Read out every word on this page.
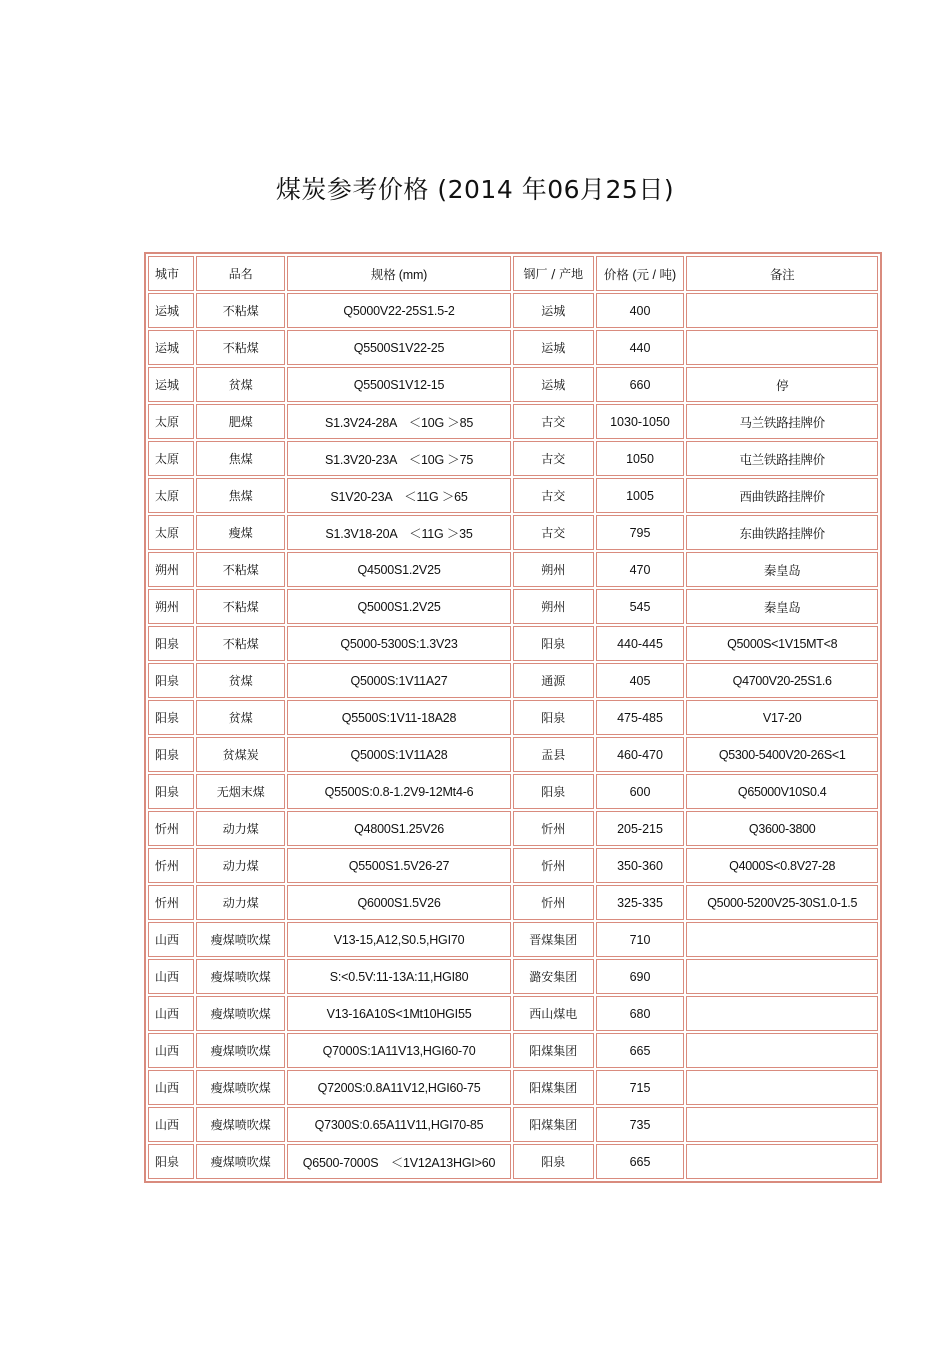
煤炭参考价格 (2014 年06月25日)
城市	品名	规格 (mm)	钢厂 / 产地	价格 (元 / 吨)	备注
运城	不粘煤	Q5000V22-25S1.5-2	运城	400	
运城	不粘煤	Q5500S1V22-25	运城	440	
运城	贫煤	Q5500S1V12-15	运城	660	停
太原	肥煤	S1.3V24-28A　＜10G ＞85	古交	1030-1050	马兰铁路挂牌价
太原	焦煤	S1.3V20-23A　＜10G ＞75	古交	1050	屯兰铁路挂牌价
太原	焦煤	S1V20-23A　＜11G ＞65	古交	1005	西曲铁路挂牌价
太原	瘦煤	S1.3V18-20A　＜11G ＞35	古交	795	东曲铁路挂牌价
朔州	不粘煤	Q4500S1.2V25	朔州	470	秦皇岛
朔州	不粘煤	Q5000S1.2V25	朔州	545	秦皇岛
阳泉	不粘煤	Q5000-5300S:1.3V23	阳泉	440-445	Q5000S<1V15MT<8
阳泉	贫煤	Q5000S:1V11A27	通源	405	Q4700V20-25S1.6
阳泉	贫煤	Q5500S:1V11-18A28	阳泉	475-485	V17-20
阳泉	贫煤炭	Q5000S:1V11A28	盂县	460-470	Q5300-5400V20-26S<1
阳泉	无烟末煤	Q5500S:0.8-1.2V9-12Mt4-6	阳泉	600	Q65000V10S0.4
忻州	动力煤	Q4800S1.25V26	忻州	205-215	Q3600-3800
忻州	动力煤	Q5500S1.5V26-27	忻州	350-360	Q4000S<0.8V27-28
忻州	动力煤	Q6000S1.5V26	忻州	325-335	Q5000-5200V25-30S1.0-1.5
山西	瘦煤喷吹煤	V13-15,A12,S0.5,HGI70	晋煤集团	710	
山西	瘦煤喷吹煤	S:<0.5V:11-13A:11,HGI80	潞安集团	690	
山西	瘦煤喷吹煤	V13-16A10S<1Mt10HGI55	西山煤电	680	
山西	瘦煤喷吹煤	Q7000S:1A11V13,HGI60-70	阳煤集团	665	
山西	瘦煤喷吹煤	Q7200S:0.8A11V12,HGI60-75	阳煤集团	715	
山西	瘦煤喷吹煤	Q7300S:0.65A11V11,HGI70-85	阳煤集团	735	
阳泉	瘦煤喷吹煤	Q6500-7000S　＜1V12A13HGI>60	阳泉	665	
